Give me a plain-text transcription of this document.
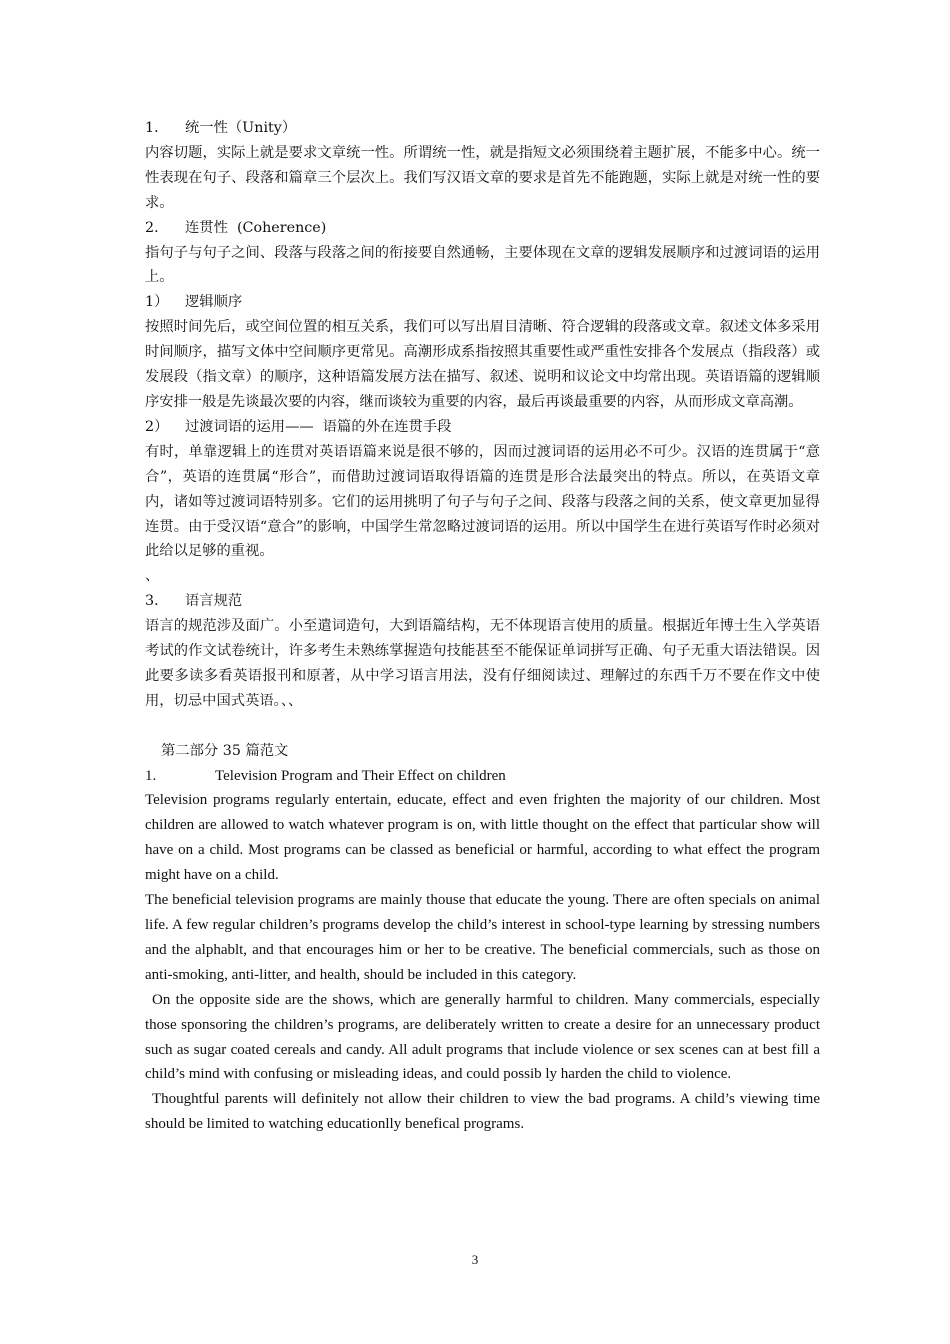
1． 统一性（Unity）

内容切题，实际上就是要求文章统一性。所谓统一性，就是指短文必须围绕着主题扩展，不能多中心。统一性表现在句子、段落和篇章三个层次上。我们写汉语文章的要求是首先不能跑题，实际上就是对统一性的要求。

2． 连贯性  (Coherence)

指句子与句子之间、段落与段落之间的衔接要自然通畅，主要体现在文章的逻辑发展顺序和过渡词语的运用上。

1） 逻辑顺序

按照时间先后，或空间位置的相互关系，我们可以写出眉目清晰、符合逻辑的段落或文章。叙述文体多采用时间顺序，描写文体中空间顺序更常见。高潮形成系指按照其重要性或严重性安排各个发展点（指段落）或发展段（指文章）的顺序，这种语篇发展方法在描写、叙述、说明和议论文中均常出现。英语语篇的逻辑顺序安排一般是先谈最次要的内容，继而谈较为重要的内容，最后再谈最重要的内容，从而形成文章高潮。

2） 过渡词语的运用——  语篇的外在连贯手段

有时，单靠逻辑上的连贯对英语语篇来说是很不够的，因而过渡词语的运用必不可少。汉语的连贯属于“意合”，英语的连贯属“形合”，而借助过渡词语取得语篇的连贯是形合法最突出的特点。所以，在英语文章内，诸如等过渡词语特别多。它们的运用挑明了句子与句子之间、段落与段落之间的关系，使文章更加显得连贯。由于受汉语“意合”的影响，中国学生常忽略过渡词语的运用。所以中国学生在进行英语写作时必须对此给以足够的重视。

、

3． 语言规范

语言的规范涉及面广。小至遣词造句，大到语篇结构，无不体现语言使用的质量。根据近年博士生入学英语考试的作文试卷统计，许多考生未熟练掌握造句技能甚至不能保证单词拼写正确、句子无重大语法错误。因此要多读多看英语报刊和原著，从中学习语言用法，没有仔细阅读过、理解过的东西千万不要在作文中使用，切忌中国式英语。、、

第二部分 35 篇范文

1.	Television Program and Their Effect on children

Television programs regularly entertain, educate, effect and even frighten the majority of our children. Most children are allowed to watch whatever program is on, with little thought on the effect that particular show will have on a child. Most programs can be classed as beneficial or harmful, according to what effect the program might have on a child.

The beneficial television programs are mainly thouse that educate the young. There are often specials on animal life. A few regular children’s programs develop the child’s interest in school-type learning by stressing numbers and the alphablt, and that encourages him or her to be creative. The beneficial commercials, such as those on anti-smoking, anti-litter, and health, should be included in this category.

On the opposite side are the shows, which are generally harmful to children. Many commercials, especially those sponsoring the children’s programs, are deliberately written to create a desire for an unnecessary product such as sugar coated cereals and candy. All adult programs that include violence or sex scenes can at best fill a child’s mind with confusing or misleading ideas, and could possib ly harden the child to violence.

Thoughtful parents will definitely not allow their children to view the bad programs. A child’s viewing time should be limited to watching educationlly benefical programs.

3
